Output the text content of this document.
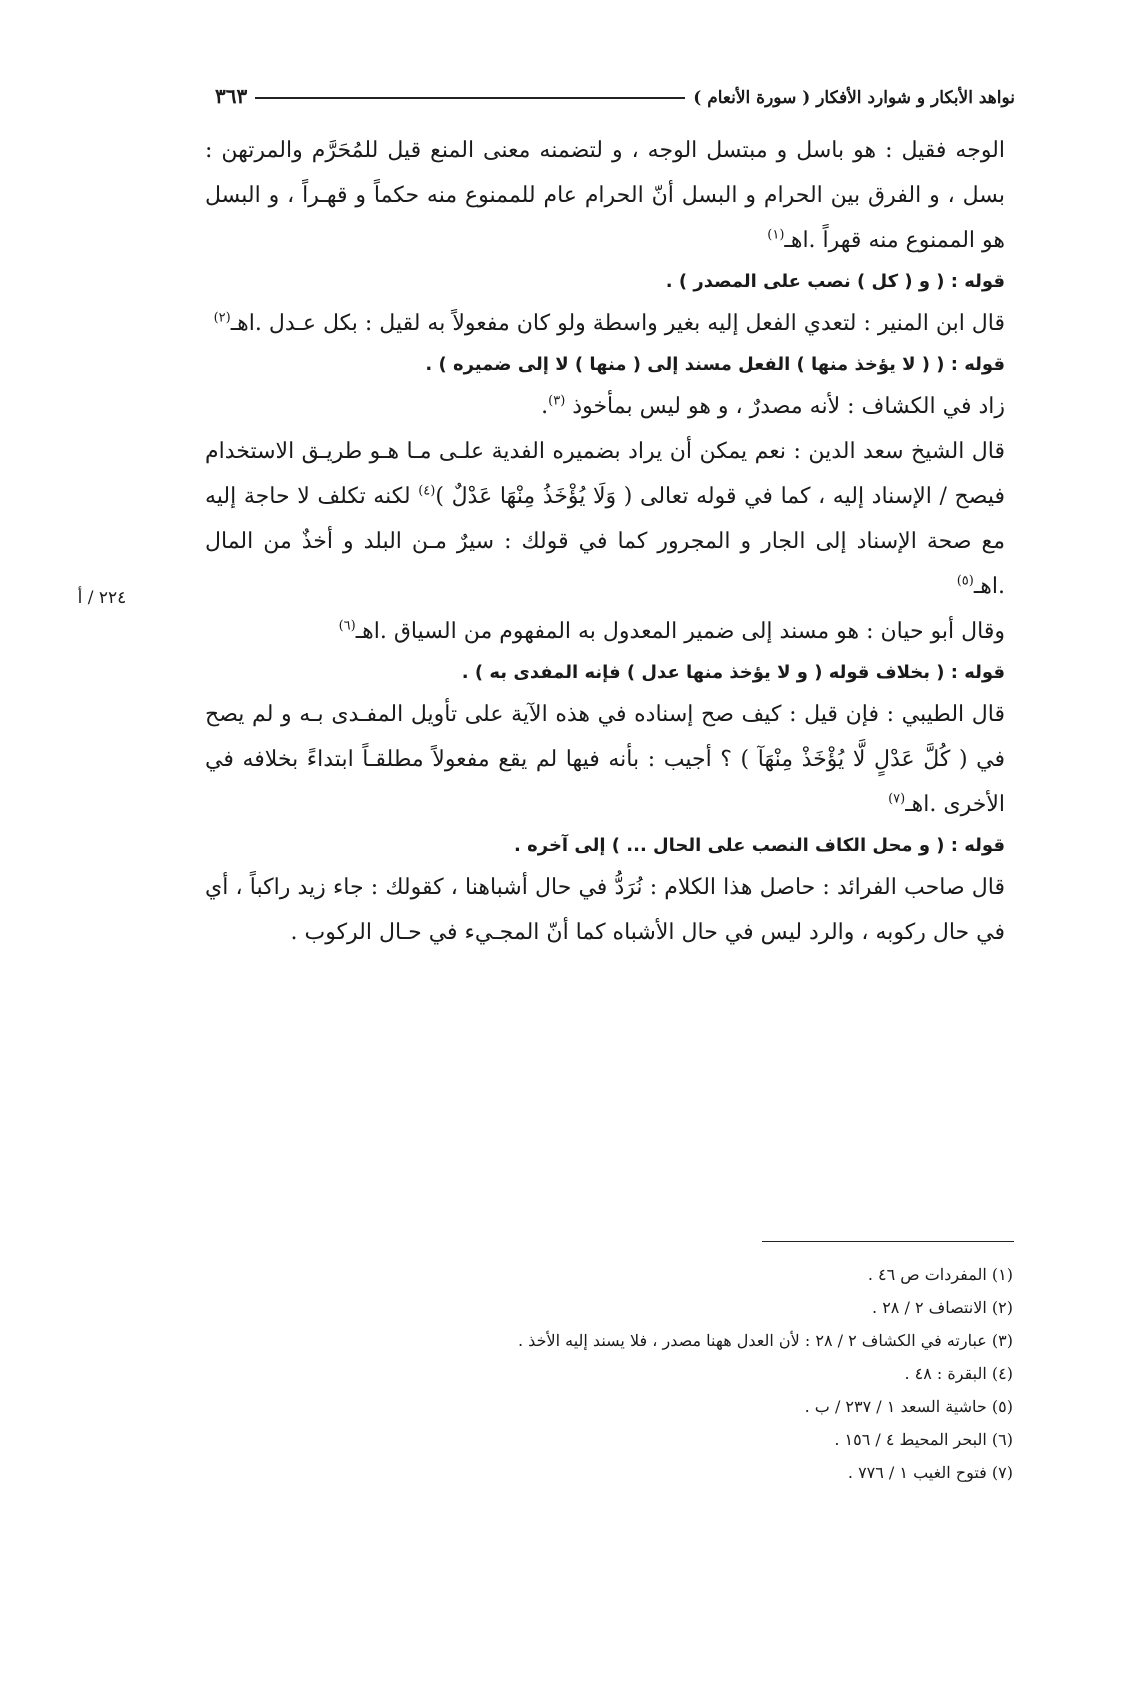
نواهد الأبكار و شوارد الأفكار ( سورة الأنعام )
٣٦٣
٢٢٤ / أ

الوجه فقيل : هو باسل و مبتسل الوجه ، و لتضمنه معنى المنع قيل للمُحَرَّم والمرتهن : بسل ، و الفرق بين الحرام و البسل أنّ الحرام عام للممنوع منه حكماً و قهـراً ، و البسل هو الممنوع منه قهراً .اهـ$^{(١)}$

قوله : ( و ( كل ) نصب على المصدر ) .

قال ابن المنير : لتعدي الفعل إليه بغير واسطة ولو كان مفعولاً به لقيل : بكل عـدل .اهـ$^{(٢)}$

قوله : ( ( لا يؤخذ منها ) الفعل مسند إلى ( منها ) لا إلى ضميره ) .

زاد في الكشاف : لأنه مصدرٌ ، و هو ليس بمأخوذ $^{(٣)}$.

قال الشيخ سعد الدين : نعم يمكن أن يراد بضميره الفدية علـى مـا هـو طريـق الاستخدام فيصح / الإسناد إليه ، كما في قوله تعالى ( وَلَا يُؤْخَذُ مِنْهَا عَدْلٌ )$^{(٤)}$ لكنه تكلف لا حاجة إليه مع صحة الإسناد إلى الجار و المجرور كما في قولك : سيرٌ مـن البلد و أخذٌ من المال .اهـ$^{(٥)}$

وقال أبو حيان : هو مسند إلى ضمير المعدول به المفهوم من السياق .اهـ$^{(٦)}$

قوله : ( بخلاف قوله ( و لا يؤخذ منها عدل ) فإنه المفدى به ) .

قال الطيبي : فإن قيل : كيف صح إسناده في هذه الآية على تأويل المفـدى بـه و لم يصح في ( كُلَّ عَدْلٍ لَّا يُؤْخَذْ مِنْهَآ ) ؟ أجيب : بأنه فيها لم يقع مفعولاً مطلقـاً ابتداءً بخلافه في الأخرى .اهـ$^{(٧)}$

قوله : ( و محل الكاف النصب على الحال ... ) إلى آخره .

قال صاحب الفرائد : حاصل هذا الكلام : نُرَدُّ في حال أشباهنا ، كقولك : جاء زيد راكباً ، أي في حال ركوبه ، والرد ليس في حال الأشباه كما أنّ المجـيء في حـال الركوب .

(١) المفردات ص ٤٦ .
(٢) الانتصاف ٢ / ٢٨ .
(٣) عبارته في الكشاف ٢ / ٢٨ : لأن العدل ههنا مصدر ، فلا يسند إليه الأخذ .
(٤) البقرة : ٤٨ .
(٥) حاشية السعد ١ / ٢٣٧ / ب .
(٦) البحر المحيط ٤ / ١٥٦ .
(٧) فتوح الغيب ١ / ٧٧٦ .
